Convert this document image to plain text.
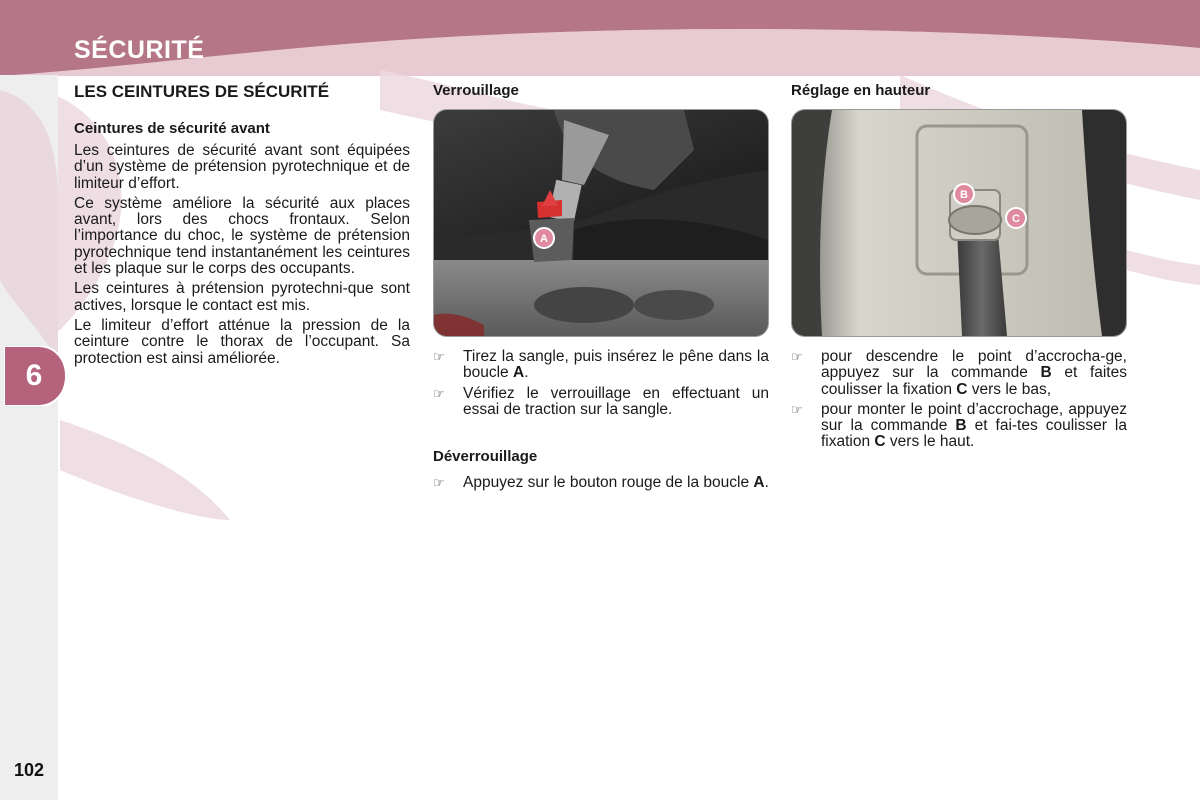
SÉCURITÉ
6
102
LES CEINTURES DE SÉCURITÉ
Ceintures de sécurité avant

Les ceintures de sécurité avant sont équipées d’un système de prétension pyrotechnique et de limiteur d’effort.

Ce système améliore la sécurité aux places avant, lors des chocs frontaux. Selon l’importance du choc, le système de prétension pyrotechnique tend instantanément les ceintures et les plaque sur le corps des occupants.

Les ceintures à prétension pyrotechni-que sont actives, lorsque le contact est mis.

Le limiteur d’effort atténue la pression de la ceinture contre le thorax de l’occupant. Sa protection est ainsi améliorée.

Verrouillage
A
☞ Tirez la sangle, puis insérez le pêne dans la boucle A.
☞ Vérifiez le verrouillage en effectuant un essai de traction sur la sangle.
Déverrouillage
☞ Appuyez sur le bouton rouge de la boucle A.
Réglage en hauteur
B
C
☞ pour descendre le point d’accrocha-ge, appuyez sur la commande B et faites coulisser la fixation C vers le bas,
☞ pour monter le point d’accrochage, appuyez sur la commande B et fai-tes coulisser la fixation C vers le haut.
